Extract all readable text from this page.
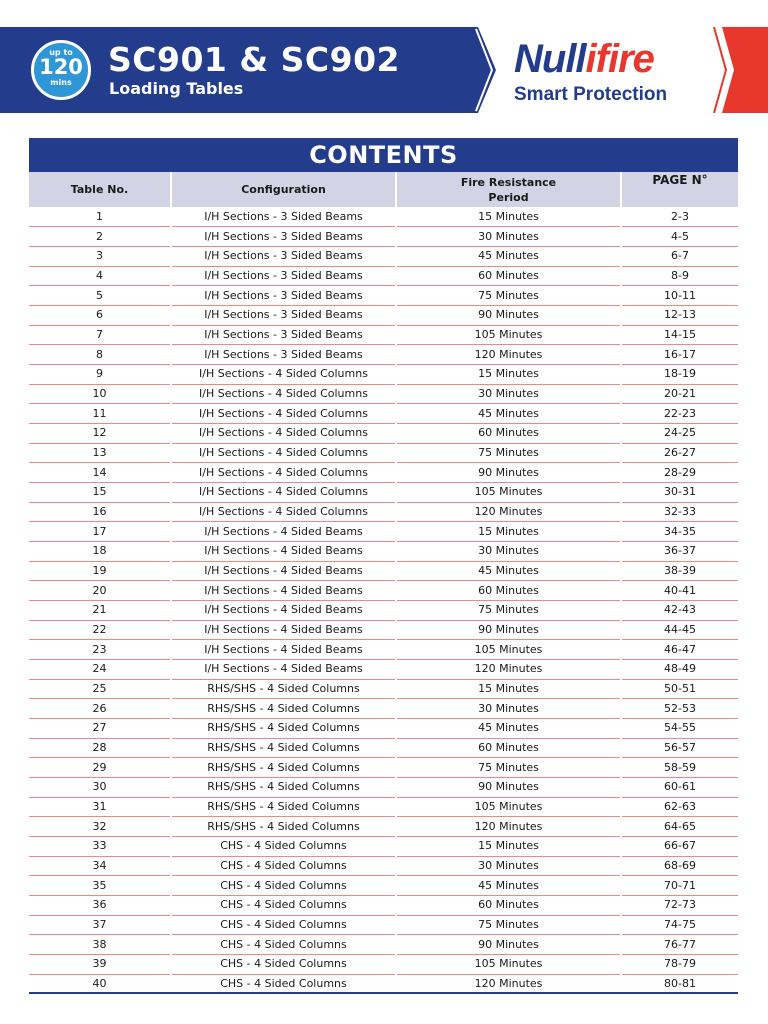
up to
120
mins
SC901 & SC902
Loading Tables
Nullifire
Smart Protection
CONTENTS
Table No.	Configuration	Fire Resistance Period	PAGE N°
1	I/H Sections - 3 Sided Beams	15 Minutes	2-3
2	I/H Sections - 3 Sided Beams	30 Minutes	4-5
3	I/H Sections - 3 Sided Beams	45 Minutes	6-7
4	I/H Sections - 3 Sided Beams	60 Minutes	8-9
5	I/H Sections - 3 Sided Beams	75 Minutes	10-11
6	I/H Sections - 3 Sided Beams	90 Minutes	12-13
7	I/H Sections - 3 Sided Beams	105 Minutes	14-15
8	I/H Sections - 3 Sided Beams	120 Minutes	16-17
9	I/H Sections - 4 Sided Columns	15 Minutes	18-19
10	I/H Sections - 4 Sided Columns	30 Minutes	20-21
11	I/H Sections - 4 Sided Columns	45 Minutes	22-23
12	I/H Sections - 4 Sided Columns	60 Minutes	24-25
13	I/H Sections - 4 Sided Columns	75 Minutes	26-27
14	I/H Sections - 4 Sided Columns	90 Minutes	28-29
15	I/H Sections - 4 Sided Columns	105 Minutes	30-31
16	I/H Sections - 4 Sided Columns	120 Minutes	32-33
17	I/H Sections - 4 Sided Beams	15 Minutes	34-35
18	I/H Sections - 4 Sided Beams	30 Minutes	36-37
19	I/H Sections - 4 Sided Beams	45 Minutes	38-39
20	I/H Sections - 4 Sided Beams	60 Minutes	40-41
21	I/H Sections - 4 Sided Beams	75 Minutes	42-43
22	I/H Sections - 4 Sided Beams	90 Minutes	44-45
23	I/H Sections - 4 Sided Beams	105 Minutes	46-47
24	I/H Sections - 4 Sided Beams	120 Minutes	48-49
25	RHS/SHS - 4 Sided Columns	15 Minutes	50-51
26	RHS/SHS - 4 Sided Columns	30 Minutes	52-53
27	RHS/SHS - 4 Sided Columns	45 Minutes	54-55
28	RHS/SHS - 4 Sided Columns	60 Minutes	56-57
29	RHS/SHS - 4 Sided Columns	75 Minutes	58-59
30	RHS/SHS - 4 Sided Columns	90 Minutes	60-61
31	RHS/SHS - 4 Sided Columns	105 Minutes	62-63
32	RHS/SHS - 4 Sided Columns	120 Minutes	64-65
33	CHS - 4 Sided Columns	15 Minutes	66-67
34	CHS - 4 Sided Columns	30 Minutes	68-69
35	CHS - 4 Sided Columns	45 Minutes	70-71
36	CHS - 4 Sided Columns	60 Minutes	72-73
37	CHS - 4 Sided Columns	75 Minutes	74-75
38	CHS - 4 Sided Columns	90 Minutes	76-77
39	CHS - 4 Sided Columns	105 Minutes	78-79
40	CHS - 4 Sided Columns	120 Minutes	80-81
